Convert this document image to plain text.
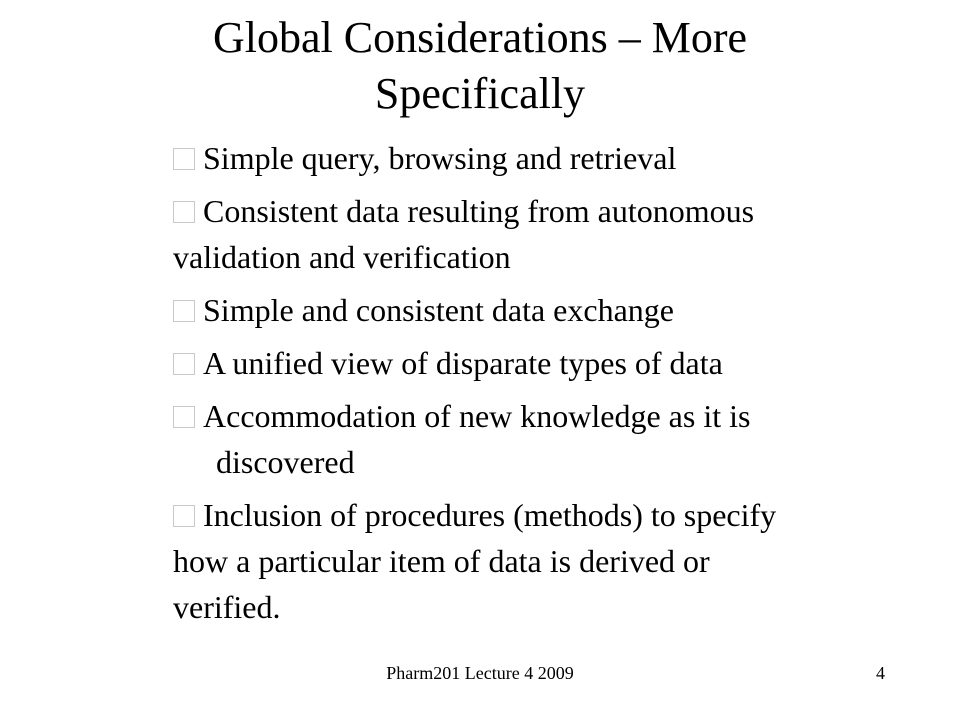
Global Considerations – More
Specifically
Simple query, browsing and retrieval
Consistent data resulting from autonomous
validation and verification
Simple and consistent data exchange
A unified view of disparate types of data
Accommodation of new knowledge as it is
discovered
Inclusion of procedures (methods) to specify
how a particular item of data is derived or
verified.
Pharm201 Lecture 4 2009	4
